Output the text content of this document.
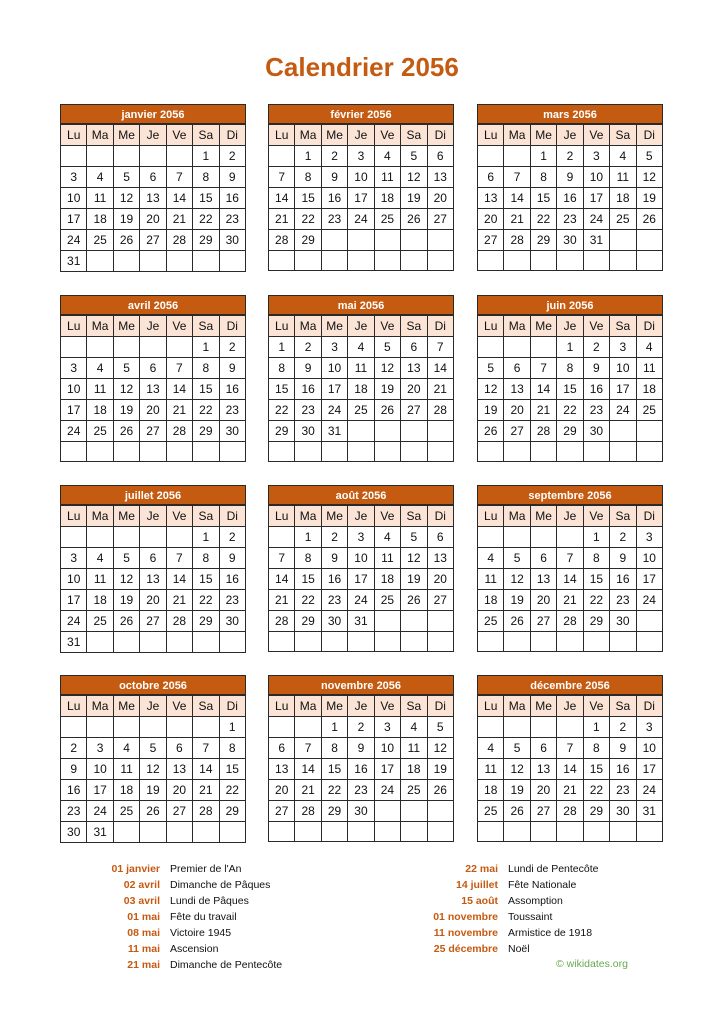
Calendrier 2056
janvier 2056
Lu	Ma	Me	Je	Ve	Sa	Di
					1	2
3	4	5	6	7	8	9
10	11	12	13	14	15	16
17	18	19	20	21	22	23
24	25	26	27	28	29	30
31						
février 2056
Lu	Ma	Me	Je	Ve	Sa	Di
	1	2	3	4	5	6
7	8	9	10	11	12	13
14	15	16	17	18	19	20
21	22	23	24	25	26	27
28	29					

mars 2056
Lu	Ma	Me	Je	Ve	Sa	Di
		1	2	3	4	5
6	7	8	9	10	11	12
13	14	15	16	17	18	19
20	21	22	23	24	25	26
27	28	29	30	31		

avril 2056
Lu	Ma	Me	Je	Ve	Sa	Di
					1	2
3	4	5	6	7	8	9
10	11	12	13	14	15	16
17	18	19	20	21	22	23
24	25	26	27	28	29	30

mai 2056
Lu	Ma	Me	Je	Ve	Sa	Di
1	2	3	4	5	6	7
8	9	10	11	12	13	14
15	16	17	18	19	20	21
22	23	24	25	26	27	28
29	30	31				

juin 2056
Lu	Ma	Me	Je	Ve	Sa	Di
			1	2	3	4
5	6	7	8	9	10	11
12	13	14	15	16	17	18
19	20	21	22	23	24	25
26	27	28	29	30		

juillet 2056
Lu	Ma	Me	Je	Ve	Sa	Di
					1	2
3	4	5	6	7	8	9
10	11	12	13	14	15	16
17	18	19	20	21	22	23
24	25	26	27	28	29	30
31						
août 2056
Lu	Ma	Me	Je	Ve	Sa	Di
	1	2	3	4	5	6
7	8	9	10	11	12	13
14	15	16	17	18	19	20
21	22	23	24	25	26	27
28	29	30	31			

septembre 2056
Lu	Ma	Me	Je	Ve	Sa	Di
				1	2	3
4	5	6	7	8	9	10
11	12	13	14	15	16	17
18	19	20	21	22	23	24
25	26	27	28	29	30	

octobre 2056
Lu	Ma	Me	Je	Ve	Sa	Di
						1
2	3	4	5	6	7	8
9	10	11	12	13	14	15
16	17	18	19	20	21	22
23	24	25	26	27	28	29
30	31					
novembre 2056
Lu	Ma	Me	Je	Ve	Sa	Di
		1	2	3	4	5
6	7	8	9	10	11	12
13	14	15	16	17	18	19
20	21	22	23	24	25	26
27	28	29	30			

décembre 2056
Lu	Ma	Me	Je	Ve	Sa	Di
				1	2	3
4	5	6	7	8	9	10
11	12	13	14	15	16	17
18	19	20	21	22	23	24
25	26	27	28	29	30	31

01 janvier Premier de l'An
02 avril Dimanche de Pâques
03 avril Lundi de Pâques
01 mai Fête du travail
08 mai Victoire 1945
11 mai Ascension
21 mai Dimanche de Pentecôte
22 mai Lundi de Pentecôte
14 juillet Fête Nationale
15 août Assomption
01 novembre Toussaint
11 novembre Armistice de 1918
25 décembre Noël
© wikidates.org
